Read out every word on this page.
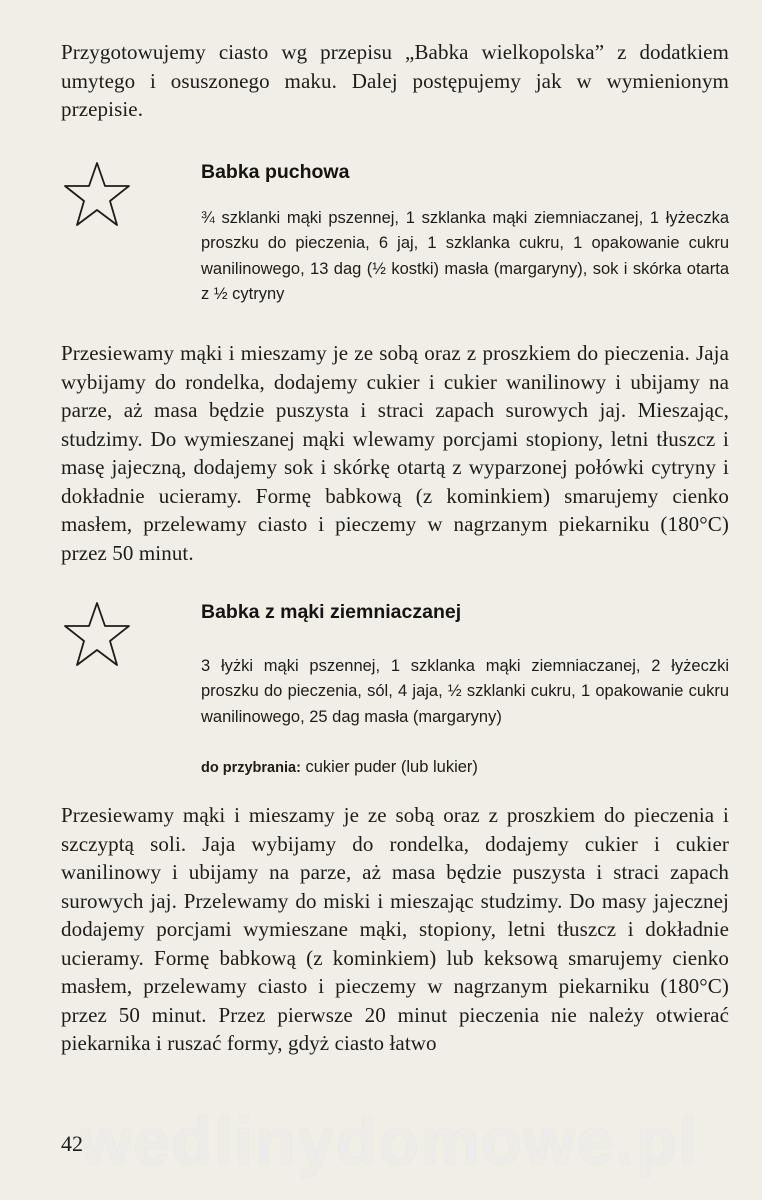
Przygotowujemy ciasto wg przepisu „Babka wielkopolska” z dodatkiem umytego i osuszonego maku. Dalej postępujemy jak w wymienionym przepisie.

Babka puchowa

¾ szklanki mąki pszennej, 1 szklanka mąki ziemniaczanej, 1 łyżeczka proszku do pieczenia, 6 jaj, 1 szklanka cukru, 1 opakowanie cukru wanilinowego, 13 dag (½ kostki) masła (margaryny), sok i skórka otarta z ½ cytryny

Przesiewamy mąki i mieszamy je ze sobą oraz z proszkiem do pieczenia. Jaja wybijamy do rondelka, dodajemy cukier i cukier wanilinowy i ubijamy na parze, aż masa będzie puszysta i straci zapach surowych jaj. Mieszając, studzimy. Do wymieszanej mąki wlewamy porcjami stopiony, letni tłuszcz i masę jajeczną, dodajemy sok i skórkę otartą z wyparzonej połówki cytryny i dokładnie ucieramy. Formę babkową (z kominkiem) smarujemy cienko masłem, przelewamy ciasto i pieczemy w nagrzanym piekarniku (180°C) przez 50 minut.

Babka z mąki ziemniaczanej

3 łyżki mąki pszennej, 1 szklanka mąki ziemniaczanej, 2 łyżeczki proszku do pieczenia, sól, 4 jaja, ½ szklanki cukru, 1 opakowanie cukru wanilinowego, 25 dag masła (margaryny)

do przybrania: cukier puder (lub lukier)

Przesiewamy mąki i mieszamy je ze sobą oraz z proszkiem do pieczenia i szczyptą soli. Jaja wybijamy do rondelka, dodajemy cukier i cukier wanilinowy i ubijamy na parze, aż masa będzie puszysta i straci zapach surowych jaj. Przelewamy do miski i mieszając studzimy. Do masy jajecznej dodajemy porcjami wymieszane mąki, stopiony, letni tłuszcz i dokładnie ucieramy. Formę babkową (z kominkiem) lub keksową smarujemy cienko masłem, przelewamy ciasto i pieczemy w nagrzanym piekarniku (180°C) przez 50 minut. Przez pierwsze 20 minut pieczenia nie należy otwierać piekarnika i ruszać formy, gdyż ciasto łatwo

wedlinydomowe.pl

42
